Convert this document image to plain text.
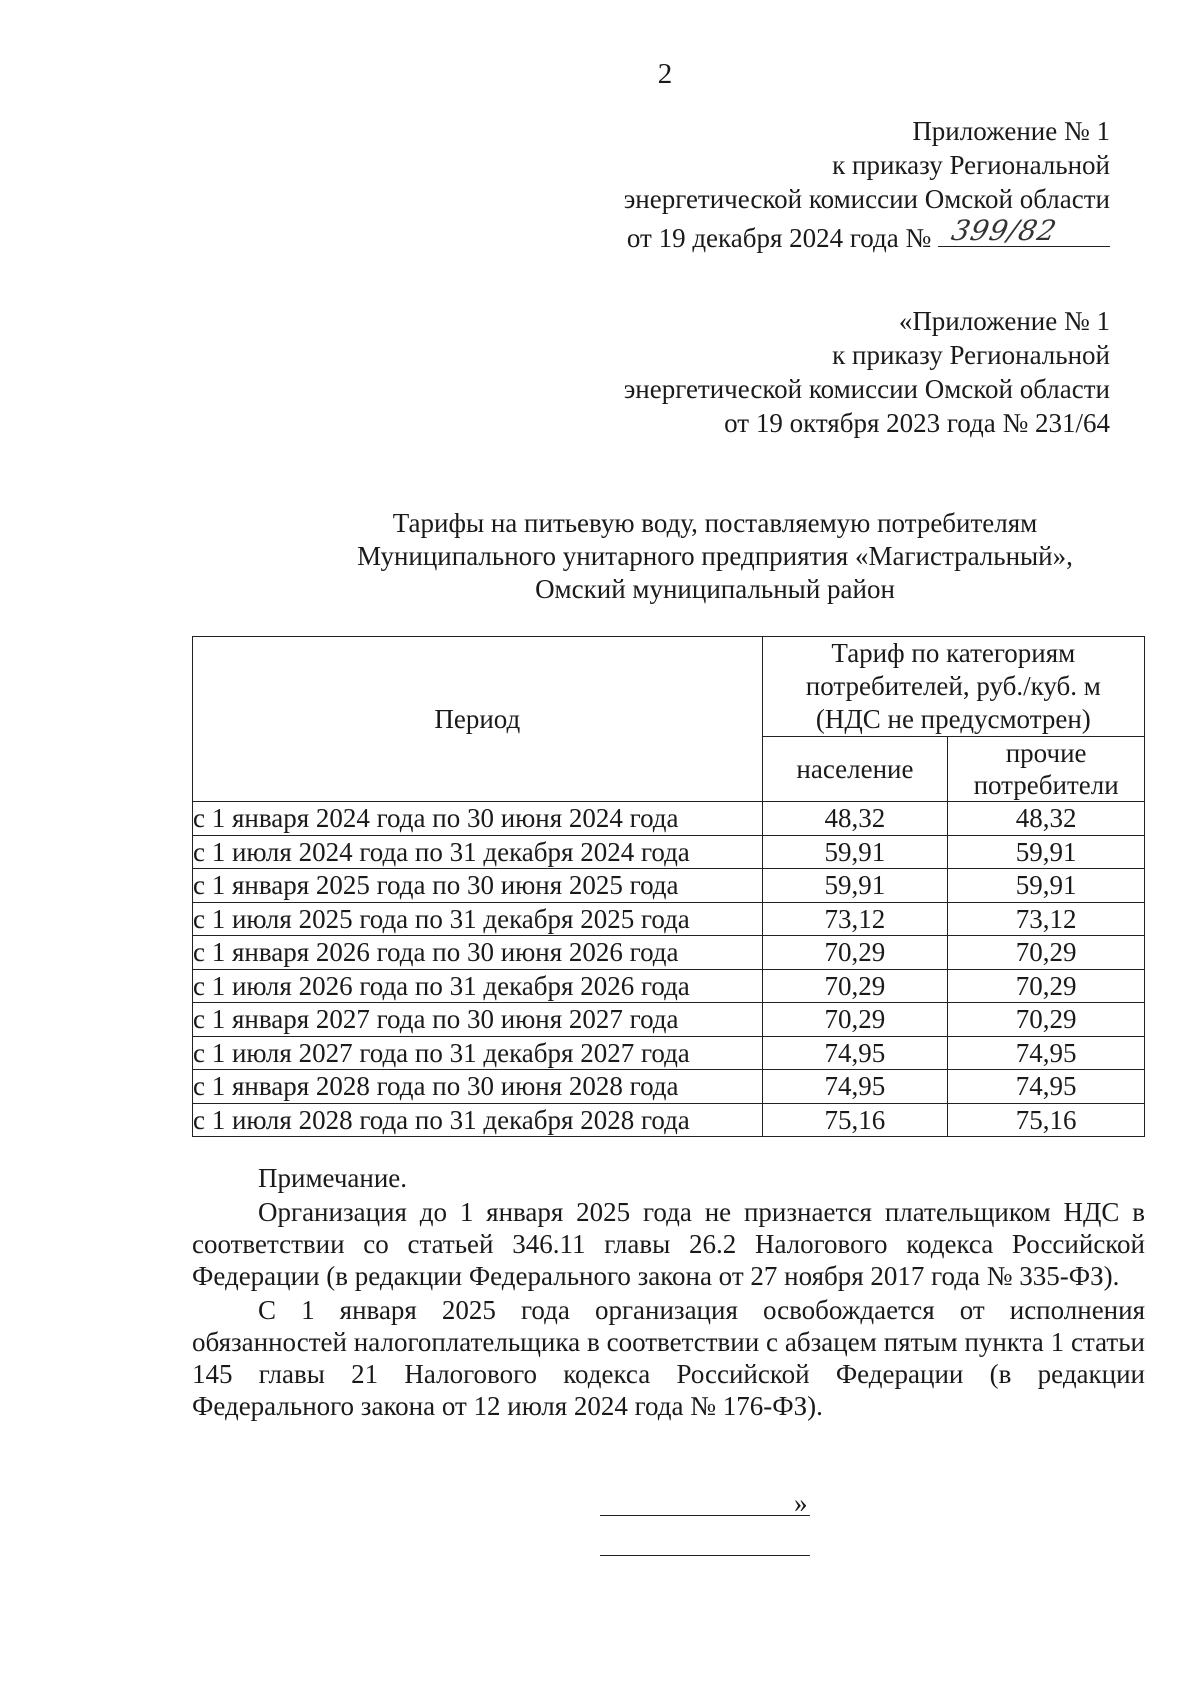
2
Приложение № 1
к приказу Региональной
энергетической комиссии Омской области
от 19 декабря 2024 года № 399/82
«Приложение № 1
к приказу Региональной
энергетической комиссии Омской области
от 19 октября 2023 года № 231/64
Тарифы на питьевую воду, поставляемую потребителям
Муниципального унитарного предприятия «Магистральный»,
Омский муниципальный район
Период	Тариф по категориям
потребителей, руб./куб. м
(НДС не предусмотрен)	

	население	прочие
потребители

с 1 января 2024 года по 30 июня 2024 года	48,32	48,32
с 1 июля 2024 года по 31 декабря 2024 года	59,91	59,91
с 1 января 2025 года по 30 июня 2025 года	59,91	59,91
с 1 июля 2025 года по 31 декабря 2025 года	73,12	73,12
с 1 января 2026 года по 30 июня 2026 года	70,29	70,29
с 1 июля 2026 года по 31 декабря 2026 года	70,29	70,29
с 1 января 2027 года по 30 июня 2027 года	70,29	70,29
с 1 июля 2027 года по 31 декабря 2027 года	74,95	74,95
с 1 января 2028 года по 30 июня 2028 года	74,95	74,95
с 1 июля 2028 года по 31 декабря 2028 года	75,16	75,16

Примечание.

Организация до 1 января 2025 года не признается плательщиком НДС в соответствии со статьей 346.11 главы 26.2 Налогового кодекса Российской Федерации (в редакции Федерального закона от 27 ноября 2017 года № 335-ФЗ).

С 1 января 2025 года организация освобождается от исполнения обязанностей налогоплательщика в соответствии с абзацем пятым пункта 1 статьи 145 главы 21 Налогового кодекса Российской Федерации (в редакции Федерального закона от 12 июля 2024 года № 176-ФЗ).

»
